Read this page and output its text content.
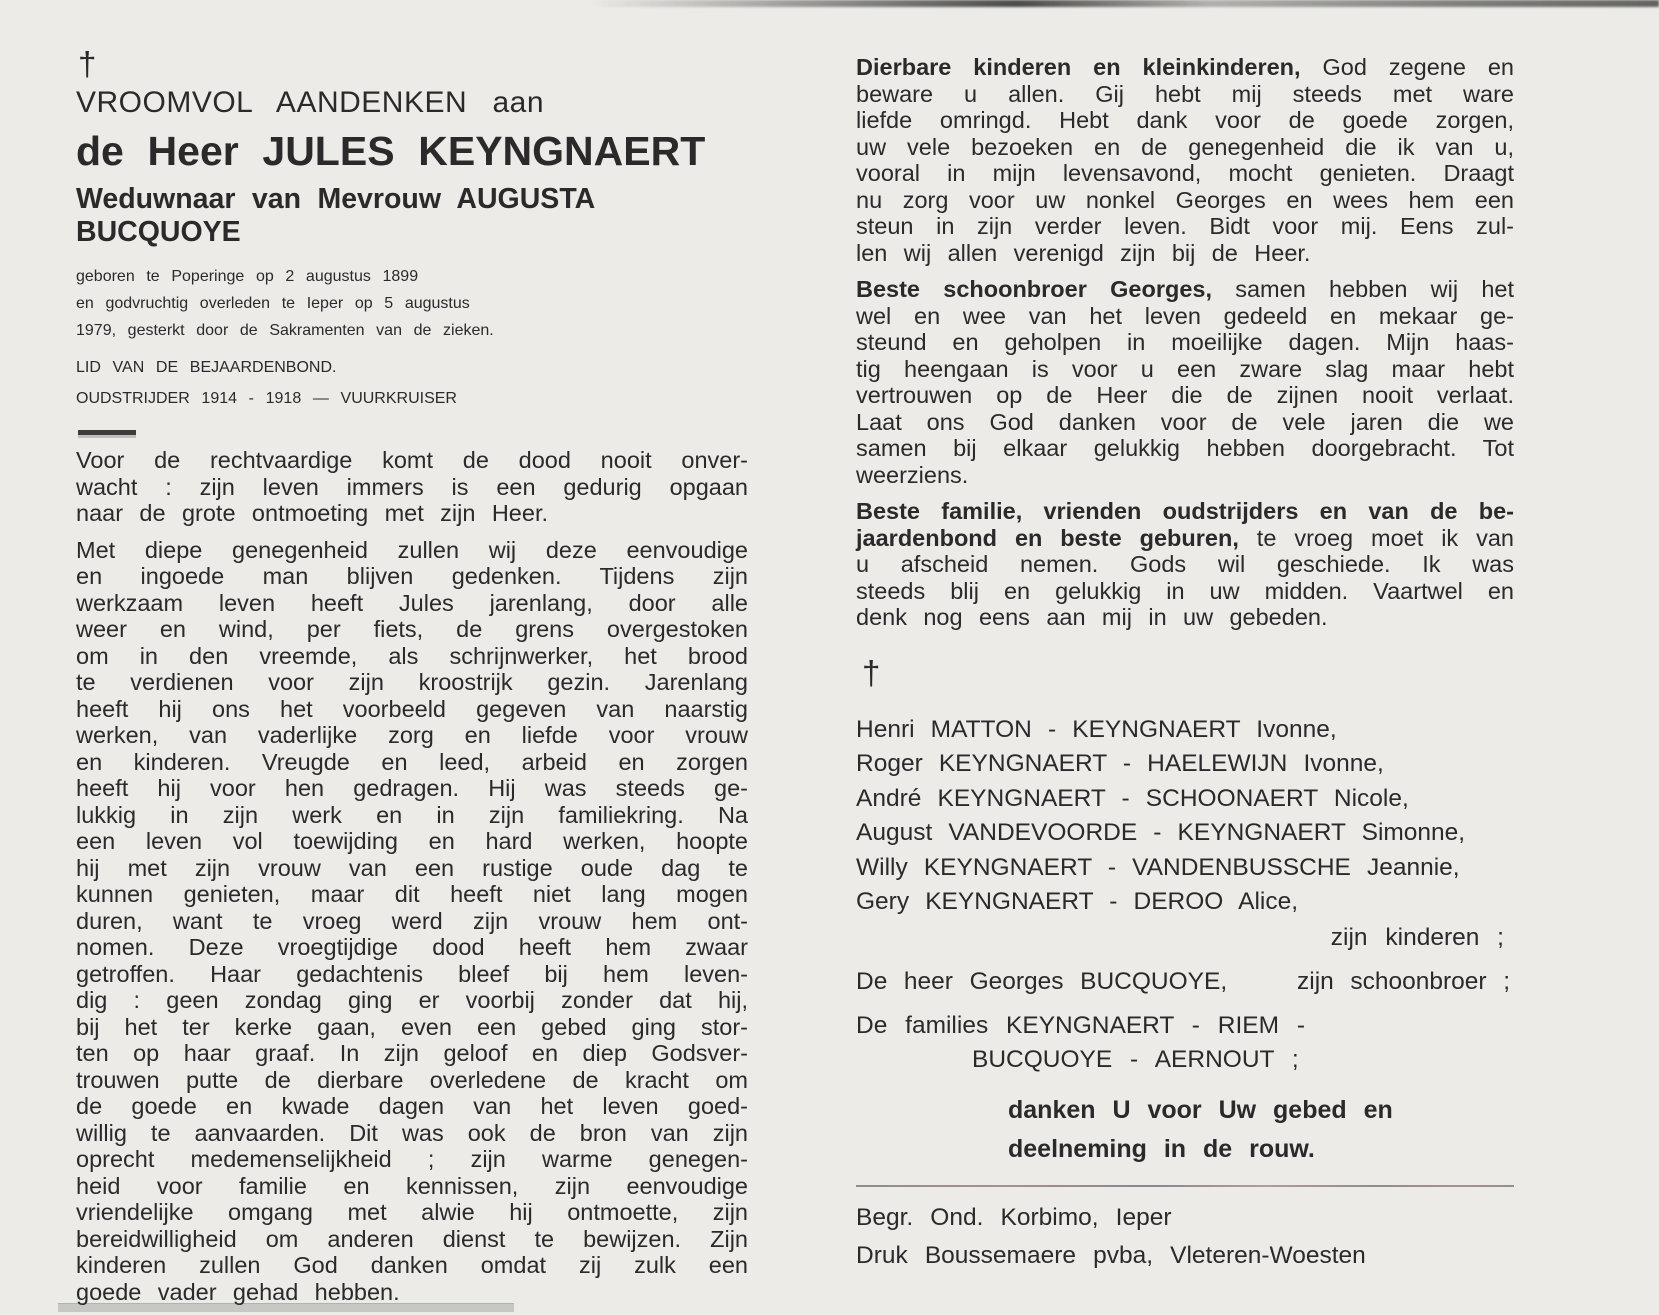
†
VROOMVOL AANDENKEN aan
de Heer JULES KEYNGNAERT
Weduwnaar van Mevrouw AUGUSTA BUCQUOYE
geboren te Poperinge op 2 augustus 1899
en godvruchtig overleden te Ieper op 5 augustus
1979, gesterkt door de Sakramenten van de zieken.
LID VAN DE BEJAARDENBOND.
OUDSTRIJDER 1914 - 1918 — VUURKRUISER
Voor de rechtvaardige komt de dood nooit onver-
wacht : zijn leven immers is een gedurig opgaan
naar de grote ontmoeting met zijn Heer.
Met diepe genegenheid zullen wij deze eenvoudige
en ingoede man blijven gedenken. Tijdens zijn
werkzaam leven heeft Jules jarenlang, door alle
weer en wind, per fiets, de grens overgestoken
om in den vreemde, als schrijnwerker, het brood
te verdienen voor zijn kroostrijk gezin. Jarenlang
heeft hij ons het voorbeeld gegeven van naarstig
werken, van vaderlijke zorg en liefde voor vrouw
en kinderen. Vreugde en leed, arbeid en zorgen
heeft hij voor hen gedragen. Hij was steeds ge-
lukkig in zijn werk en in zijn familiekring. Na
een leven vol toewijding en hard werken, hoopte
hij met zijn vrouw van een rustige oude dag te
kunnen genieten, maar dit heeft niet lang mogen
duren, want te vroeg werd zijn vrouw hem ont-
nomen. Deze vroegtijdige dood heeft hem zwaar
getroffen. Haar gedachtenis bleef bij hem leven-
dig : geen zondag ging er voorbij zonder dat hij,
bij het ter kerke gaan, even een gebed ging stor-
ten op haar graaf. In zijn geloof en diep Godsver-
trouwen putte de dierbare overledene de kracht om
de goede en kwade dagen van het leven goed-
willig te aanvaarden. Dit was ook de bron van zijn
oprecht medemenselijkheid ; zijn warme genegen-
heid voor familie en kennissen, zijn eenvoudige
vriendelijke omgang met alwie hij ontmoette, zijn
bereidwilligheid om anderen dienst te bewijzen. Zijn
kinderen zullen God danken omdat zij zulk een
goede vader gehad hebben.
Dierbare kinderen en kleinkinderen, God zegene en
beware u allen. Gij hebt mij steeds met ware
liefde omringd. Hebt dank voor de goede zorgen,
uw vele bezoeken en de genegenheid die ik van u,
vooral in mijn levensavond, mocht genieten. Draagt
nu zorg voor uw nonkel Georges en wees hem een
steun in zijn verder leven. Bidt voor mij. Eens zul-
len wij allen verenigd zijn bij de Heer.
Beste schoonbroer Georges, samen hebben wij het
wel en wee van het leven gedeeld en mekaar ge-
steund en geholpen in moeilijke dagen. Mijn haas-
tig heengaan is voor u een zware slag maar hebt
vertrouwen op de Heer die de zijnen nooit verlaat.
Laat ons God danken voor de vele jaren die we
samen bij elkaar gelukkig hebben doorgebracht. Tot
weerziens.
Beste familie, vrienden oudstrijders en van de be-
jaardenbond en beste geburen, te vroeg moet ik van
u afscheid nemen. Gods wil geschiede. Ik was
steeds blij en gelukkig in uw midden. Vaartwel en
denk nog eens aan mij in uw gebeden.
†
Henri MATTON - KEYNGNAERT Ivonne,
Roger KEYNGNAERT - HAELEWIJN Ivonne,
André KEYNGNAERT - SCHOONAERT Nicole,
August VANDEVOORDE - KEYNGNAERT Simonne,
Willy KEYNGNAERT - VANDENBUSSCHE Jeannie,
Gery KEYNGNAERT - DEROO Alice,
zijn kinderen ;
De heer Georges BUCQUOYE,	zijn schoonbroer ;
De families KEYNGNAERT - RIEM -
BUCQUOYE - AERNOUT ;
danken U voor Uw gebed en
deelneming in de rouw.
Begr. Ond. Korbimo, Ieper
Druk Boussemaere pvba, Vleteren-Woesten
